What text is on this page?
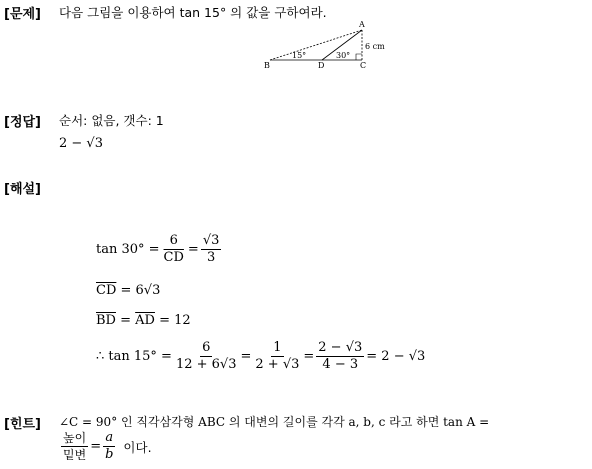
[문제] 다음 그림을 이용하여 tan 15° 의 값을 구하여라.
A
B	C
D
15°	30°
6 cm
[정답] 순서: 없음, 갯수: 1
2 − √3
[해설]
$\tan 30^\circ = \frac{6}{CD} = \frac{√3}{3}$
$\overline{CD} = 6√3$
$\overline{BD} = \overline{AD} = 12$
∴ $\tan 15^\circ = \frac{6}{12 + 6√3} = \frac{1}{2 + √3} = \frac{2 - √3}{4 - 3} = 2 - √3$
[힌트] ∠C = 90° 인 직각삼각형 ABC 의 대변의 길이를 각각 a, b, c 라고 하면 tan A =
$\frac{\text{높이}}{\text{밑변}} = \frac{a}{b}$ 이다.
